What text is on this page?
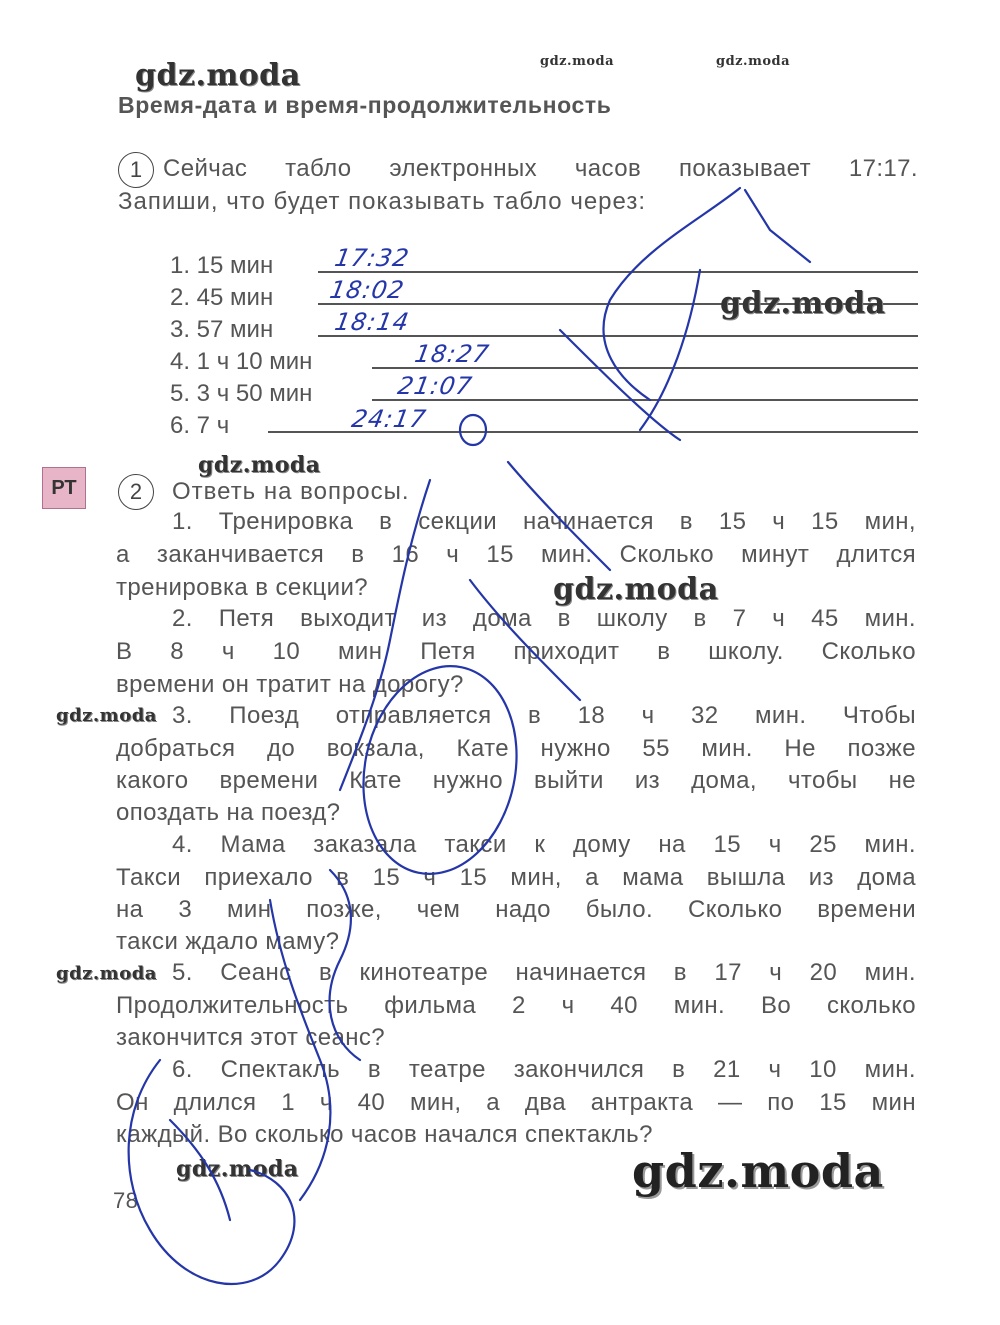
gdz.moda	gdz.moda	gdz.moda
Время-дата и время-продолжительность
1 Сейчас табло электронных часов показывает 17:17.
Запиши, что будет показывать табло через:
1. 15 мин 17:32
2. 45 мин 18:02
3. 57 мин 18:14
4. 1 ч 10 мин	18:27
5. 3 ч 50 мин	21:07
6. 7 ч	24:17
gdz.moda
gdz.moda
РТ	2	Ответь на вопросы.
1. Тренировка в секции начинается в 15 ч 15 мин,
а заканчивается в 16 ч 15 мин. Сколько минут длится
тренировка в секции?
2. Петя выходит из дома в школу в 7 ч 45 мин.
В 8 ч 10 мин Петя приходит в школу. Сколько
времени он тратит на дорогу?
3. Поезд отправляется в 18 ч 32 мин. Чтобы
добраться до вокзала, Кате нужно 55 мин. Не позже
какого времени Кате нужно выйти из дома, чтобы не
опоздать на поезд?
4. Мама заказала такси к дому на 15 ч 25 мин.
Такси приехало в 15 ч 15 мин, а мама вышла из дома
на 3 мин позже, чем надо было. Сколько времени
такси ждало маму?
5. Сеанс в кинотеатре начинается в 17 ч 20 мин.
Продолжительность фильма 2 ч 40 мин. Во сколько
закончится этот сеанс?
6. Спектакль в театре закончился в 21 ч 10 мин.
Он длился 1 ч 40 мин, а два антракта — по 15 мин
каждый. Во сколько часов начался спектакль?
gdz.moda
gdz.moda
gdz.moda
gdz.moda	gdz.moda
78
